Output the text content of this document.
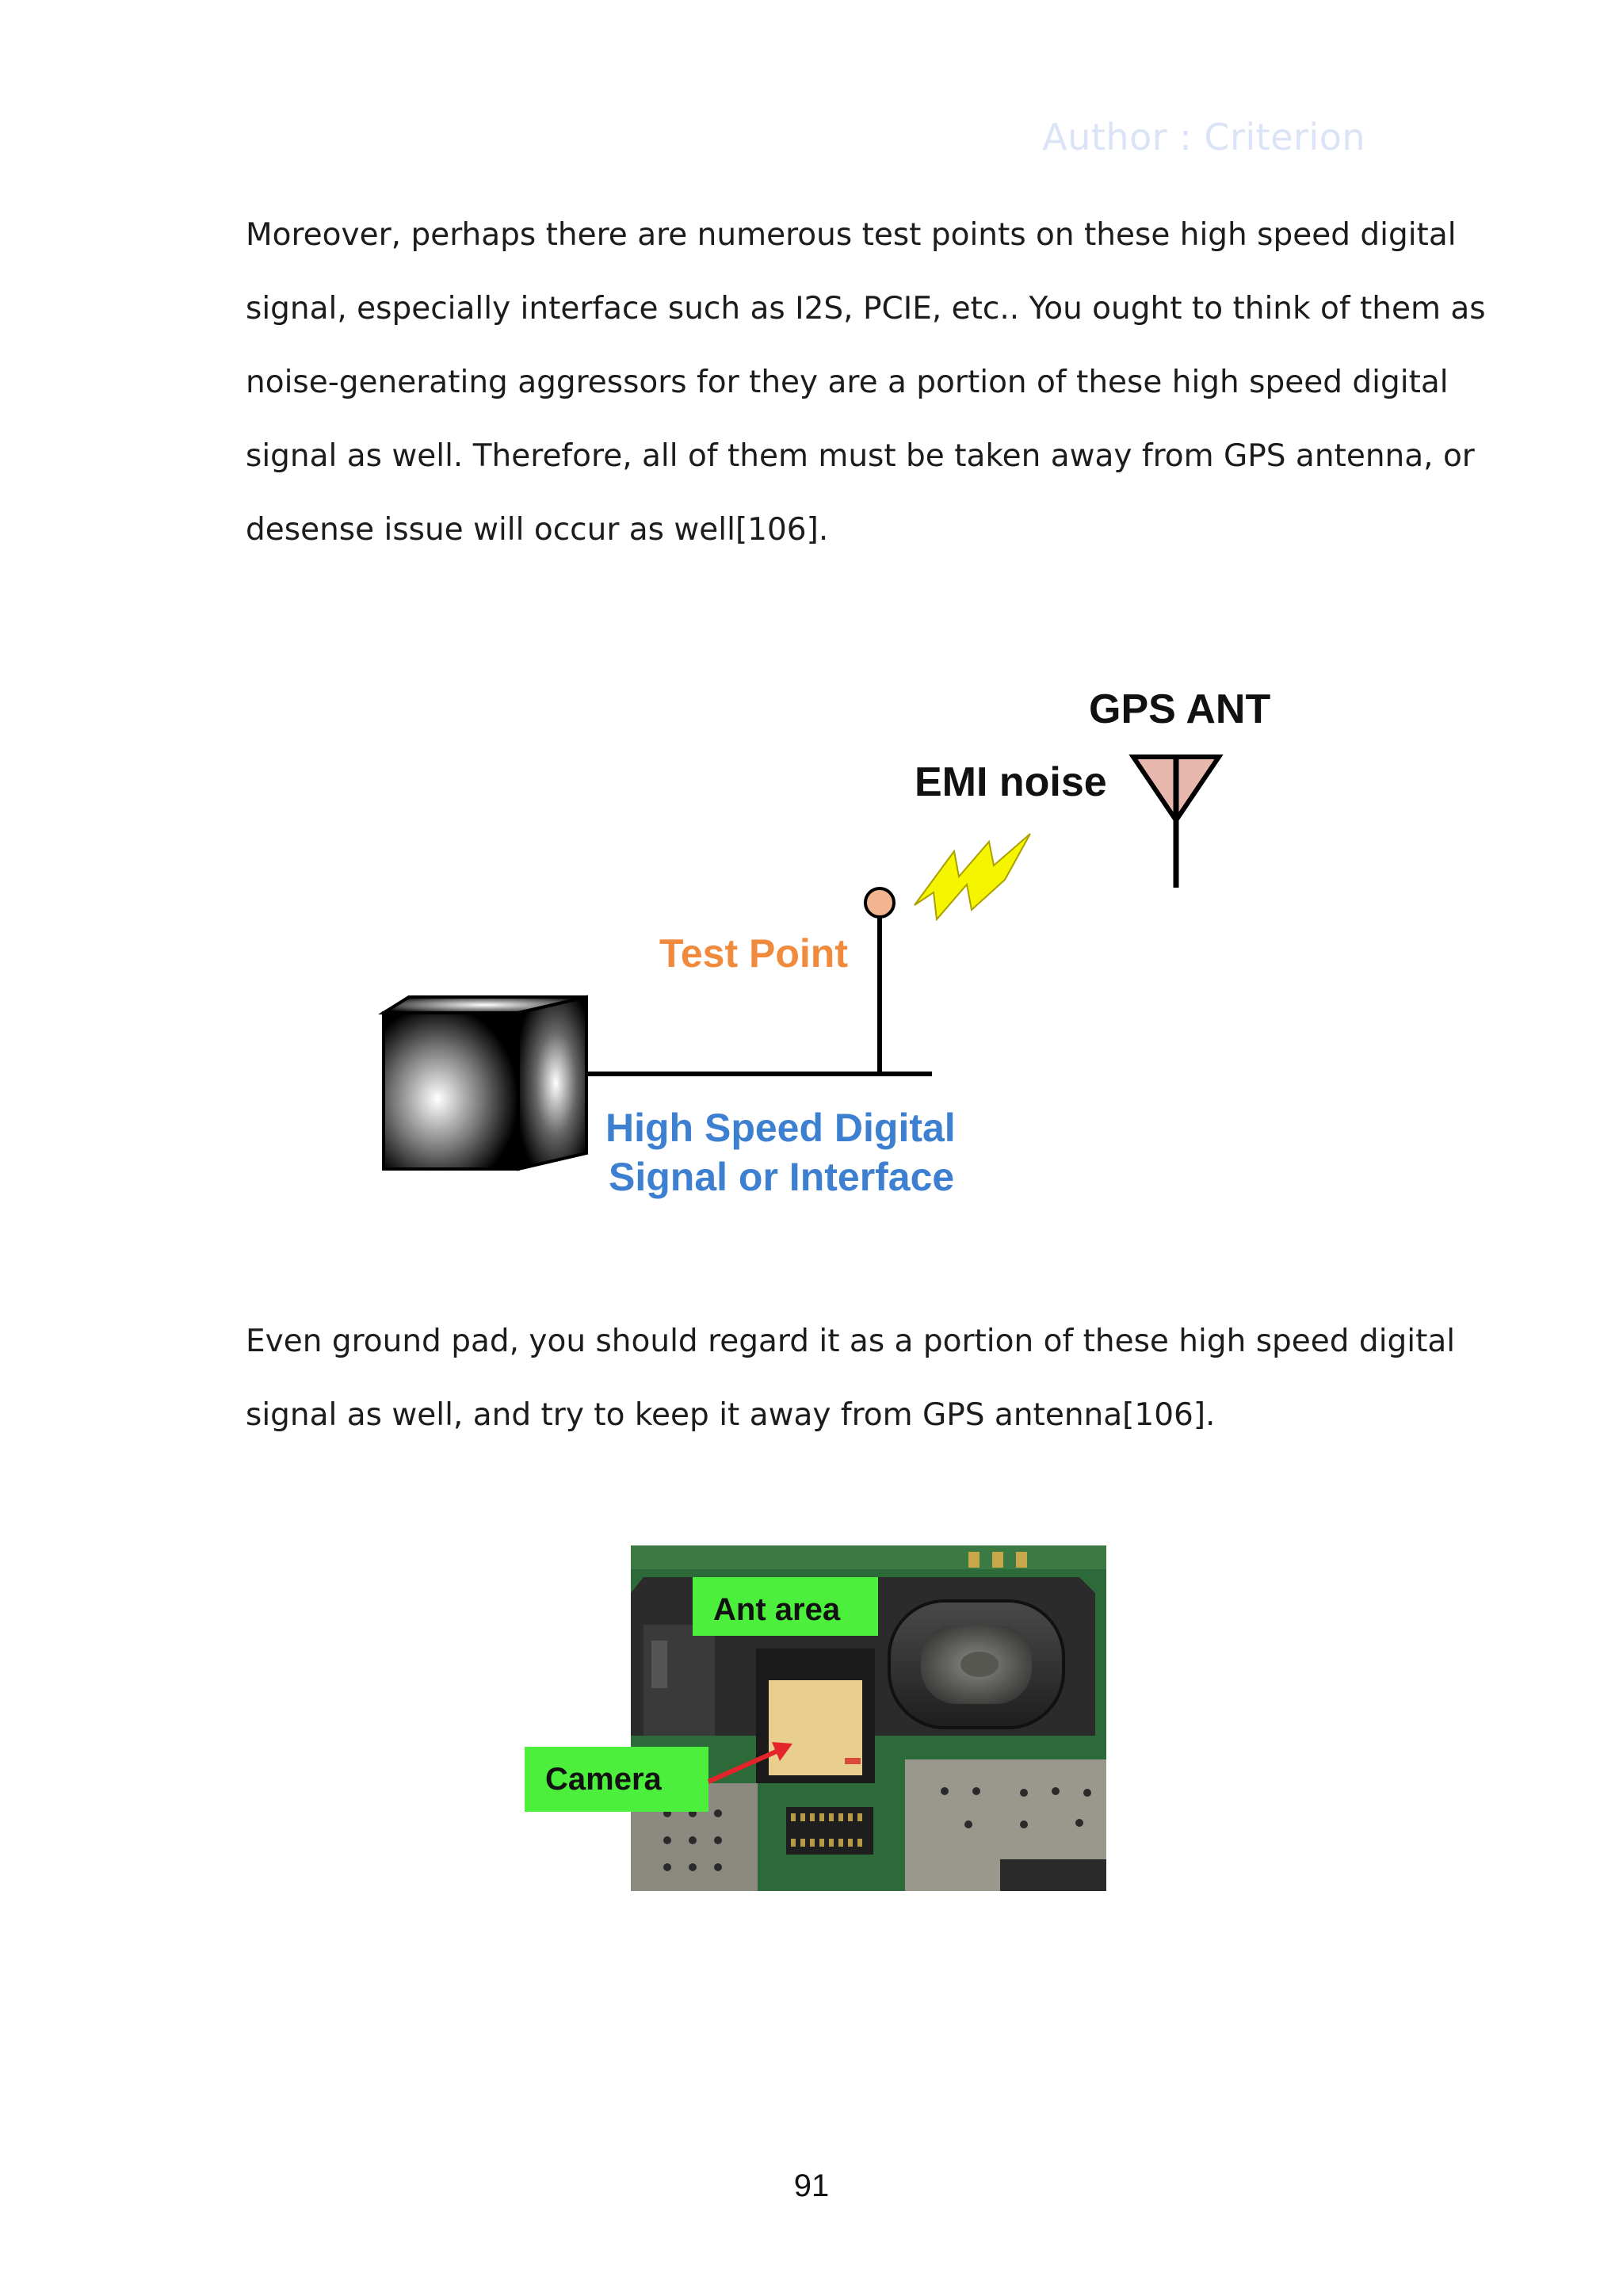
Author : Criterion
Moreover, perhaps there are numerous test points on these high speed digital
signal, especially interface such as I2S, PCIE, etc.. You ought to think of them as
noise-generating aggressors for they are a portion of these high speed digital
signal as well. Therefore, all of them must be taken away from GPS antenna, or
desense issue will occur as well[106].
GPS ANT
EMI noise
Test Point
High Speed Digital
Signal or Interface
Even ground pad, you should regard it as a portion of these high speed digital
signal as well, and try to keep it away from GPS antenna[106].
Ant area
Camera
91
